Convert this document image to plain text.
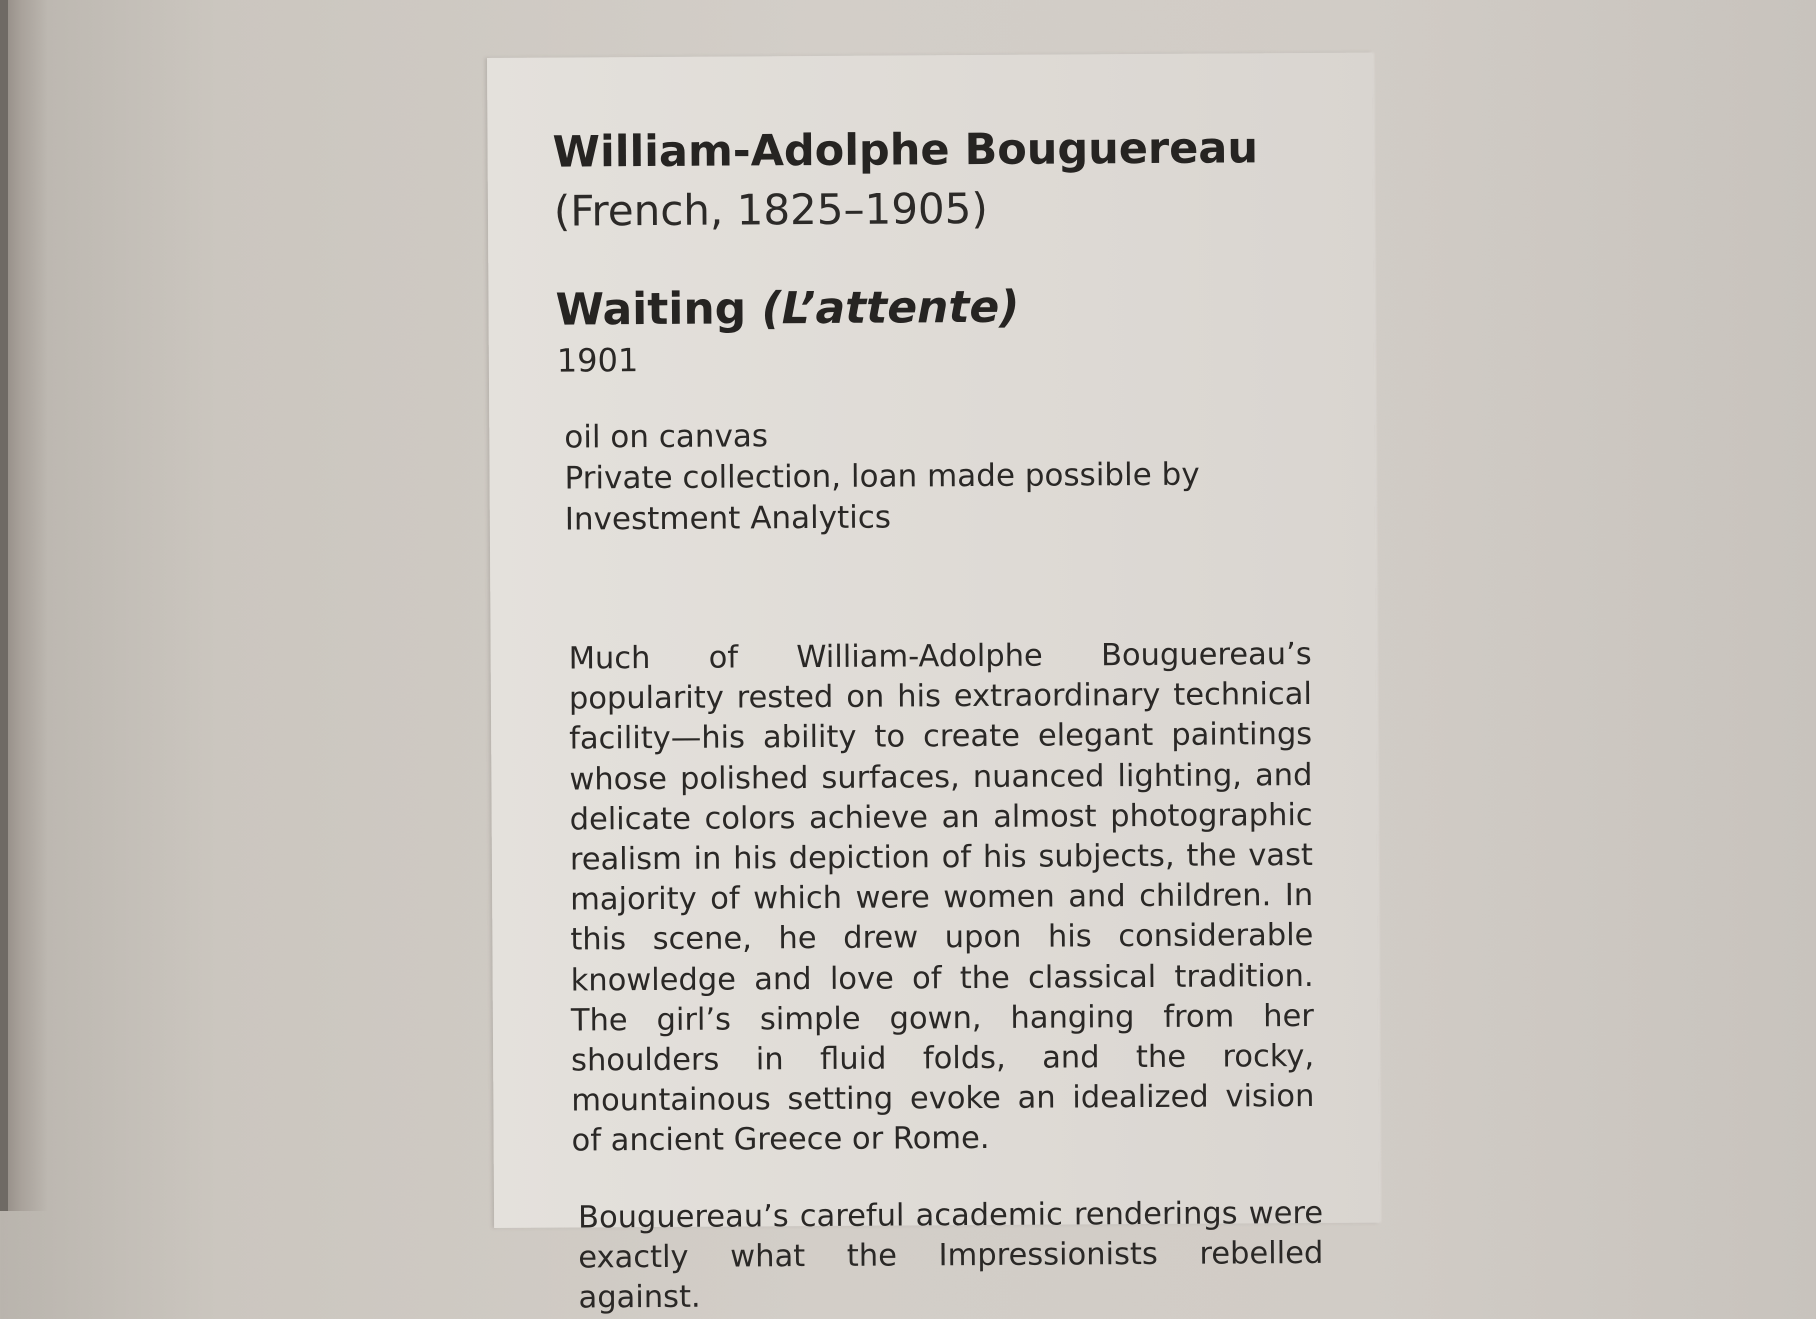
William-Adolphe Bouguereau

(French, 1825–1905)

Waiting (L’attente)

1901

oil on canvas
Private collection, loan made possible by
Investment Analytics

Much of William-Adolphe Bouguereau’s popularity rested on his extraordinary technical facility—his ability to create elegant paintings whose polished surfaces, nuanced lighting, and delicate colors achieve an almost photographic realism in his depiction of his subjects, the vast majority of which were women and children. In this scene, he drew upon his considerable knowledge and love of the classical tradition. The girl’s simple gown, hanging from her shoulders in fluid folds, and the rocky, mountainous setting evoke an idealized vision of ancient Greece or Rome.

Bouguereau’s careful academic renderings were exactly what the Impressionists rebelled against.
